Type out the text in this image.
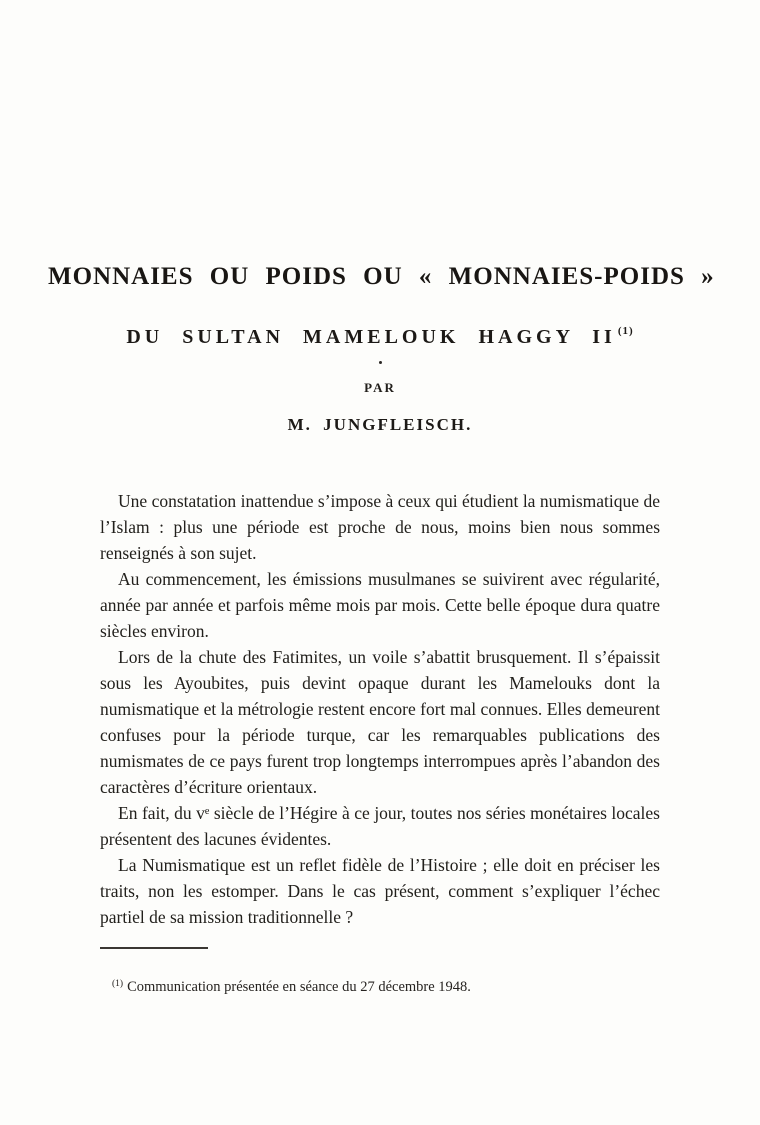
MONNAIES OU POIDS OU « MONNAIES-POIDS »
DU SULTAN MAMELOUK HAGGY II $^{(1)}$
PAR
M. JUNGFLEISCH.

Une constatation inattendue s’impose à ceux qui étudient la numismatique de l’Islam : plus une période est proche de nous, moins bien nous sommes renseignés à son sujet.

Au commencement, les émissions musulmanes se suivirent avec régularité, année par année et parfois même mois par mois. Cette belle époque dura quatre siècles environ.

Lors de la chute des Fatimites, un voile s’abattit brusquement. Il s’épaissit sous les Ayoubites, puis devint opaque durant les Mamelouks dont la numismatique et la métrologie restent encore fort mal connues. Elles demeurent confuses pour la période turque, car les remarquables publications des numismates de ce pays furent trop longtemps interrompues après l’abandon des caractères d’écriture orientaux.

En fait, du vᵉ siècle de l’Hégire à ce jour, toutes nos séries monétaires locales présentent des lacunes évidentes.

La Numismatique est un reflet fidèle de l’Histoire ; elle doit en préciser les traits, non les estomper. Dans le cas présent, comment s’expliquer l’échec partiel de sa mission traditionnelle ?

$^{(1)}$ Communication présentée en séance du 27 décembre 1948.
